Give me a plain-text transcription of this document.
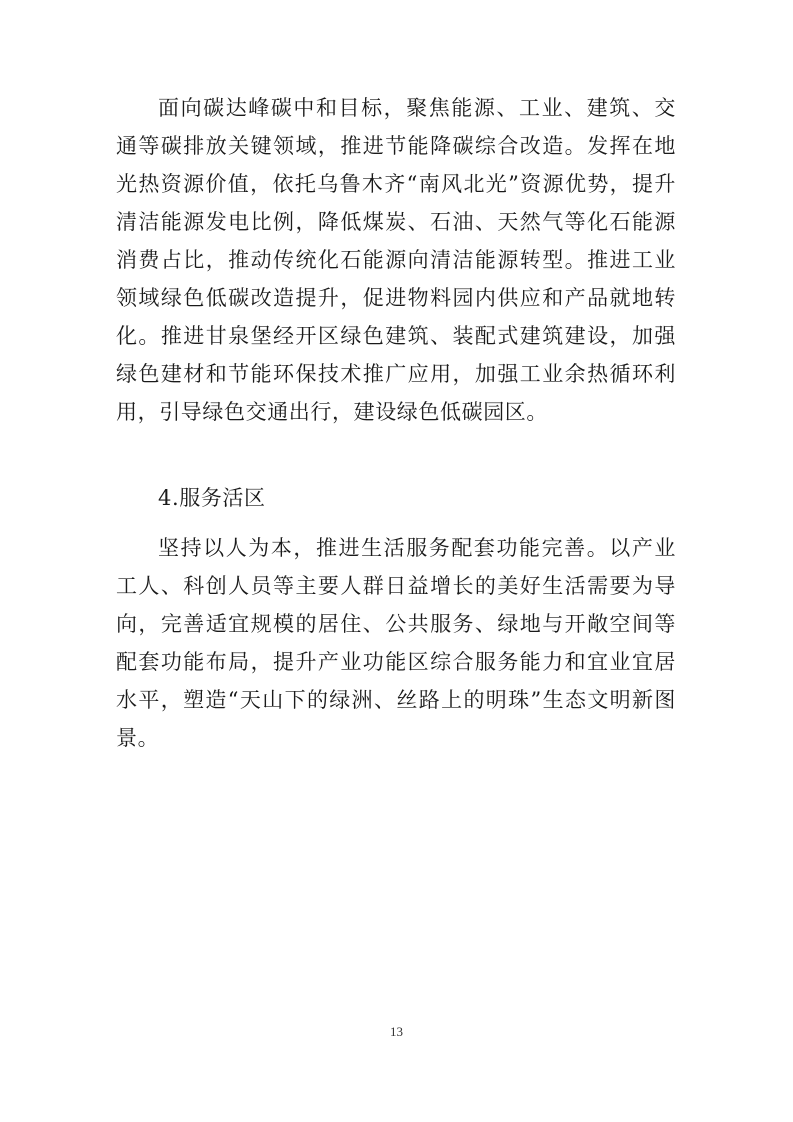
面向碳达峰碳中和目标，聚焦能源、工业、建筑、交通等碳排放关键领域，推进节能降碳综合改造。发挥在地光热资源价值，依托乌鲁木齐“南风北光”资源优势，提升清洁能源发电比例，降低煤炭、石油、天然气等化石能源消费占比，推动传统化石能源向清洁能源转型。推进工业领域绿色低碳改造提升，促进物料园内供应和产品就地转化。推进甘泉堡经开区绿色建筑、装配式建筑建设，加强绿色建材和节能环保技术推广应用，加强工业余热循环利用，引导绿色交通出行，建设绿色低碳园区。

4.服务活区

坚持以人为本，推进生活服务配套功能完善。以产业工人、科创人员等主要人群日益增长的美好生活需要为导向，完善适宜规模的居住、公共服务、绿地与开敞空间等配套功能布局，提升产业功能区综合服务能力和宜业宜居水平，塑造“天山下的绿洲、丝路上的明珠”生态文明新图景。

13
